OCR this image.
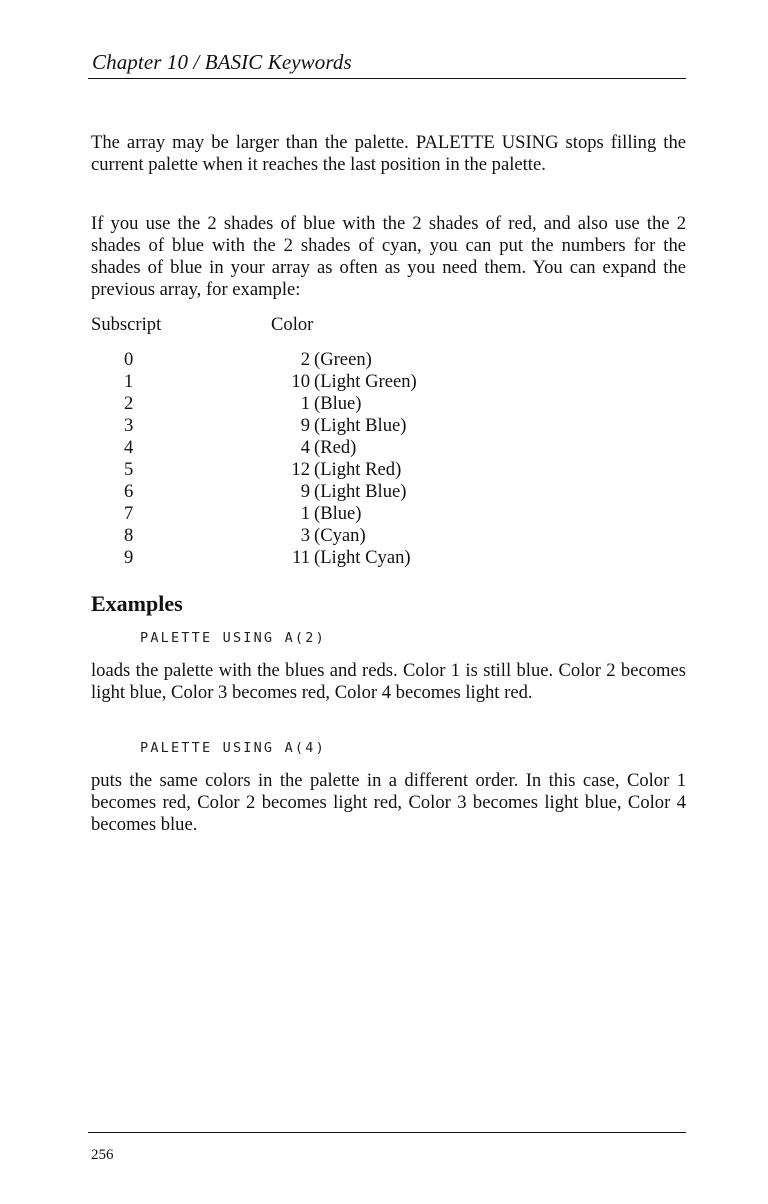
Chapter 10 / BASIC Keywords

The array may be larger than the palette. PALETTE USING stops filling the current palette when it reaches the last position in the palette.

If you use the 2 shades of blue with the 2 shades of red, and also use the 2 shades of blue with the 2 shades of cyan, you can put the numbers for the shades of blue in your array as often as you need them. You can expand the previous array, for example:

Subscript	Color
0	2 (Green)
1	10 (Light Green)
2	1 (Blue)
3	9 (Light Blue)
4	4 (Red)
5	12 (Light Red)
6	9 (Light Blue)
7	1 (Blue)
8	3 (Cyan)
9	11 (Light Cyan)
Examples
PALETTE USING A(2)

loads the palette with the blues and reds. Color 1 is still blue. Color 2 becomes light blue, Color 3 becomes red, Color 4 becomes light red.

PALETTE USING A(4)

puts the same colors in the palette in a different order. In this case, Color 1 becomes red, Color 2 becomes light red, Color 3 becomes light blue, Color 4 becomes blue.

256
